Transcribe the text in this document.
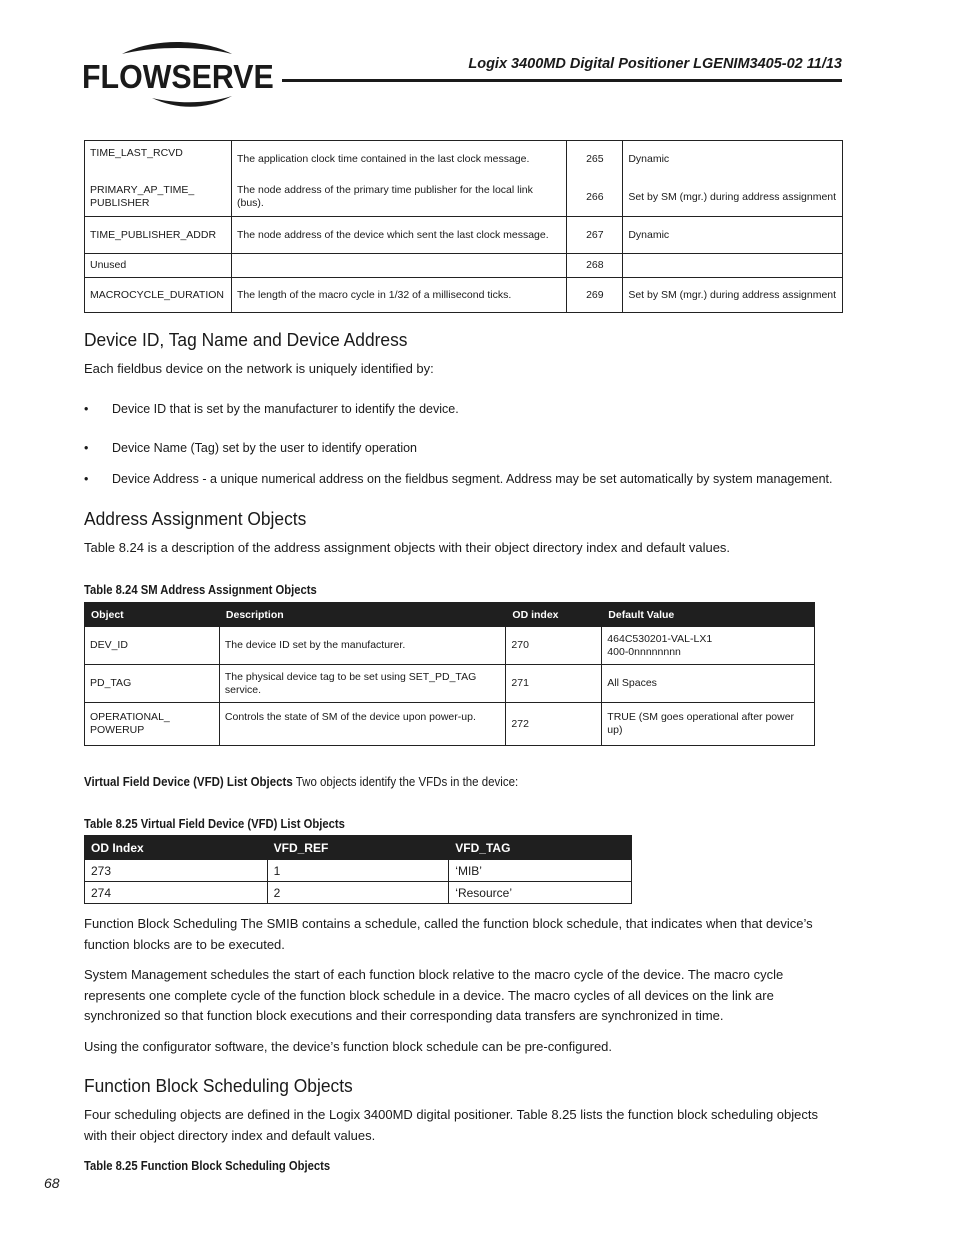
FLOWSERVE	Logix 3400MD Digital Positioner LGENIM3405-02 11/13
TIME_LAST_RCVD	The application clock time contained in the last clock message.	265	Dynamic
PRIMARY_AP_TIME_ PUBLISHER	The node address of the primary time publisher for the local link (bus).	266	Set by SM (mgr.) during address assignment
TIME_PUBLISHER_ADDR	The node address of the device which sent the last clock message.	267	Dynamic
Unused		268	
MACROCYCLE_DURATION	The length of the macro cycle in 1/32 of a millisecond ticks.	269	Set by SM (mgr.) during address assignment
Device ID, Tag Name and Device Address

Each fieldbus device on the network is uniquely identified by:

• Device ID that is set by the manufacturer to identify the device.
• Device Name (Tag) set by the user to identify operation
• Device Address - a unique numerical address on the fieldbus segment. Address may be set automatically by system management.
Address Assignment Objects

Table 8.24 is a description of the address assignment objects with their object directory index and default values.

Table 8.24 SM Address Assignment Objects
Object	Description	OD index	Default Value
DEV_ID	The device ID set by the manufacturer.	270	464C530201-VAL-LX1
400-0nnnnnnnn

PD_TAG	The physical device tag to be set using SET_PD_TAG service.	271	All Spaces

OPERATIONAL_
POWERUP	Controls the state of SM of the device upon power-up.	272	TRUE (SM goes operational after power up)
Virtual Field Device (VFD) List Objects Two objects identify the VFDs in the device:
Table 8.25 Virtual Field Device (VFD) List Objects
OD Index	VFD_REF	VFD_TAG
273	1	‘MIB’
274	2	‘Resource’

Function Block Scheduling The SMIB contains a schedule, called the function block schedule, that indicates when that device’s function blocks are to be executed.

System Management schedules the start of each function block relative to the macro cycle of the device. The macro cycle represents one complete cycle of the function block schedule in a device. The macro cycles of all devices on the link are synchronized so that function block executions and their corresponding data transfers are synchronized in time.

Using the configurator software, the device’s function block schedule can be pre-configured.

Function Block Scheduling Objects

Four scheduling objects are defined in the Logix 3400MD digital positioner. Table 8.25 lists the function block scheduling objects with their object directory index and default values.

Table 8.25 Function Block Scheduling Objects
68
